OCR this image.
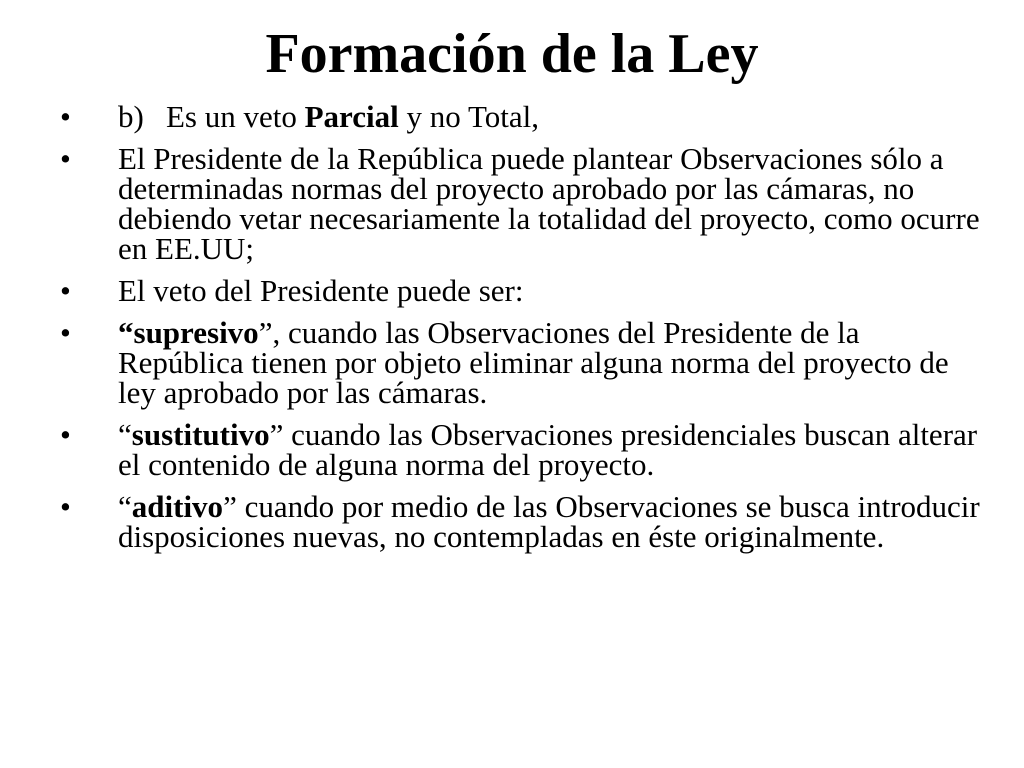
Formación de la Ley
• b) Es un veto Parcial y no Total,
• El Presidente de la República puede plantear Observaciones sólo a determinadas normas del proyecto aprobado por las cámaras, no debiendo vetar necesariamente la totalidad del proyecto, como ocurre en EE.UU;
• El veto del Presidente puede ser:
• “supresivo”, cuando las Observaciones del Presidente de la República tienen por objeto eliminar alguna norma del proyecto de ley aprobado por las cámaras.
• “sustitutivo” cuando las Observaciones presidenciales buscan alterar el contenido de alguna norma del proyecto.
• “aditivo” cuando por medio de las Observaciones se busca introducir disposiciones nuevas, no contempladas en éste originalmente.
